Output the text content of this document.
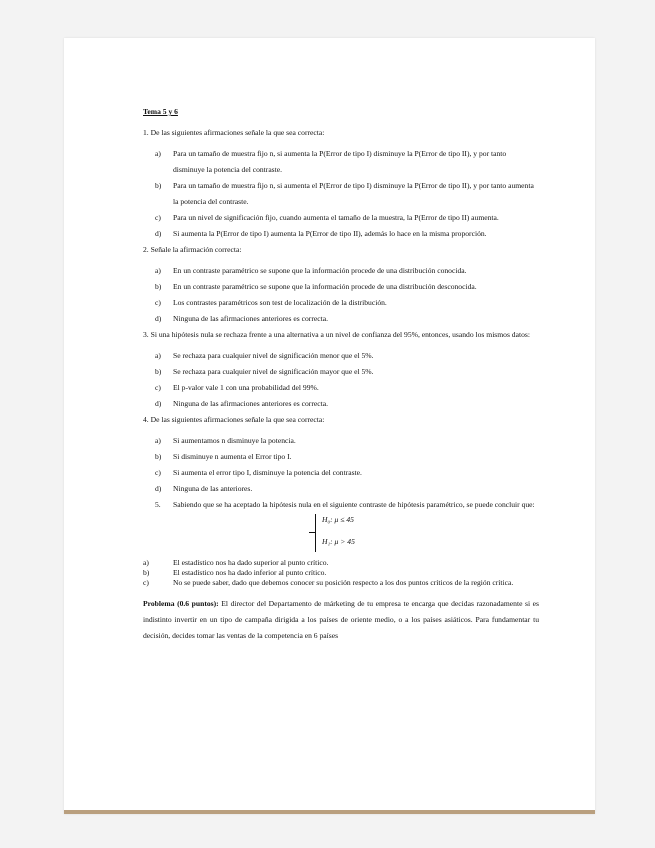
Tema 5 y 6

1. De las siguientes afirmaciones señale la que sea correcta:

a) Para un tamaño de muestra fijo n, si aumenta la P(Error de tipo I) disminuye la P(Error de tipo II), y por tanto disminuye la potencia del contraste.
b) Para un tamaño de muestra fijo n, si aumenta el P(Error de tipo I) disminuye la P(Error de tipo II), y por tanto aumenta la potencia del contraste.
c) Para un nivel de significación fijo, cuando aumenta el tamaño de la muestra, la P(Error de tipo II) aumenta.
d) Si aumenta la P(Error de tipo I) aumenta la P(Error de tipo II), además lo hace en la misma proporción.

2. Señale la afirmación correcta:

a) En un contraste paramétrico se supone que la información procede de una distribución conocida.
b) En un contraste paramétrico se supone que la información procede de una distribución desconocida.
c) Los contrastes paramétricos son test de localización de la distribución.
d) Ninguna de las afirmaciones anteriores es correcta.

3. Si una hipótesis nula se rechaza frente a una alternativa a un nivel de confianza del 95%, entonces, usando los mismos datos:

a) Se rechaza para cualquier nivel de significación menor que el 5%.
b) Se rechaza para cualquier nivel de significación mayor que el 5%.
c) El p-valor vale 1 con una probabilidad del 99%.
d) Ninguna de las afirmaciones anteriores es correcta.

4. De las siguientes afirmaciones señale la que sea correcta:

a) Si aumentamos n disminuye la potencia.
b) Si disminuye n aumenta el Error tipo I.
c) Si aumenta el error tipo I, disminuye la potencia del contraste.
d) Ninguna de las anteriores.
5. Sabiendo que se ha aceptado la hipótesis nula en el siguiente contraste de hipótesis paramétrico, se puede concluir que:
H₀: μ ≤ 45
H₁: μ > 45
a)	El estadístico nos ha dado superior al punto crítico.
b)	El estadístico nos ha dado inferior al punto crítico.
c)	No se puede saber, dado que debemos conocer su posición respecto a los dos puntos críticos de la región crítica.

Problema (0.6 puntos): El director del Departamento de márketing de tu empresa te encarga que decidas razonadamente si es indistinto invertir en un tipo de campaña dirigida a los países de oriente medio, o a los países asiáticos. Para fundamentar tu decisión, decides tomar las ventas de la competencia en 6 países
